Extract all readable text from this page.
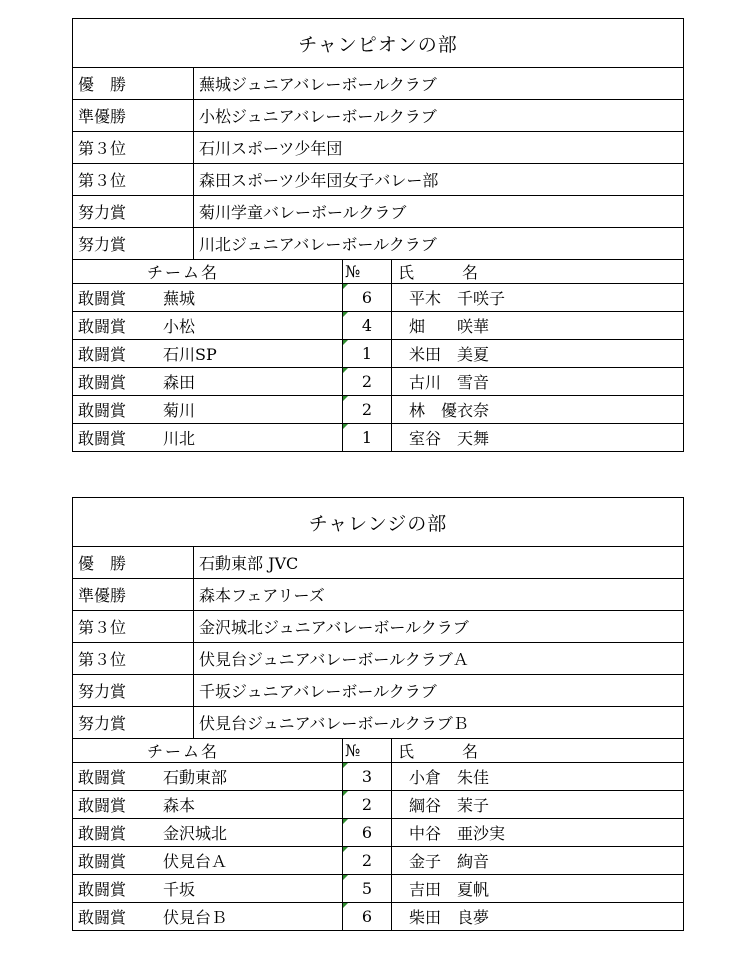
チャンピオンの部
優　勝	蕪城ジュニアバレーボールクラブ
準優勝	小松ジュニアバレーボールクラブ
第３位	石川スポーツ少年団
第３位	森田スポーツ少年団女子バレー部
努力賞	菊川学童バレーボールクラブ
努力賞	川北ジュニアバレーボールクラブ
チーム名	№	氏　　　名
敢闘賞	蕪城	6	平木　千咲子
敢闘賞	小松	4	畑　　咲華
敢闘賞	石川SP	1	米田　美夏
敢闘賞	森田	2	古川　雪音
敢闘賞	菊川	2	林　優衣奈
敢闘賞	川北	1	室谷　天舞
チャレンジの部
優　勝	石動東部 JVC
準優勝	森本フェアリーズ
第３位	金沢城北ジュニアバレーボールクラブ
第３位	伏見台ジュニアバレーボールクラブＡ
努力賞	千坂ジュニアバレーボールクラブ
努力賞	伏見台ジュニアバレーボールクラブＢ
チーム名	№	氏　　　名
敢闘賞	石動東部	3	小倉　朱佳
敢闘賞	森本	2	綱谷　茉子
敢闘賞	金沢城北	6	中谷　亜沙実
敢闘賞	伏見台Ａ	2	金子　絢音
敢闘賞	千坂	5	吉田　夏帆
敢闘賞	伏見台Ｂ	6	柴田　良夢
